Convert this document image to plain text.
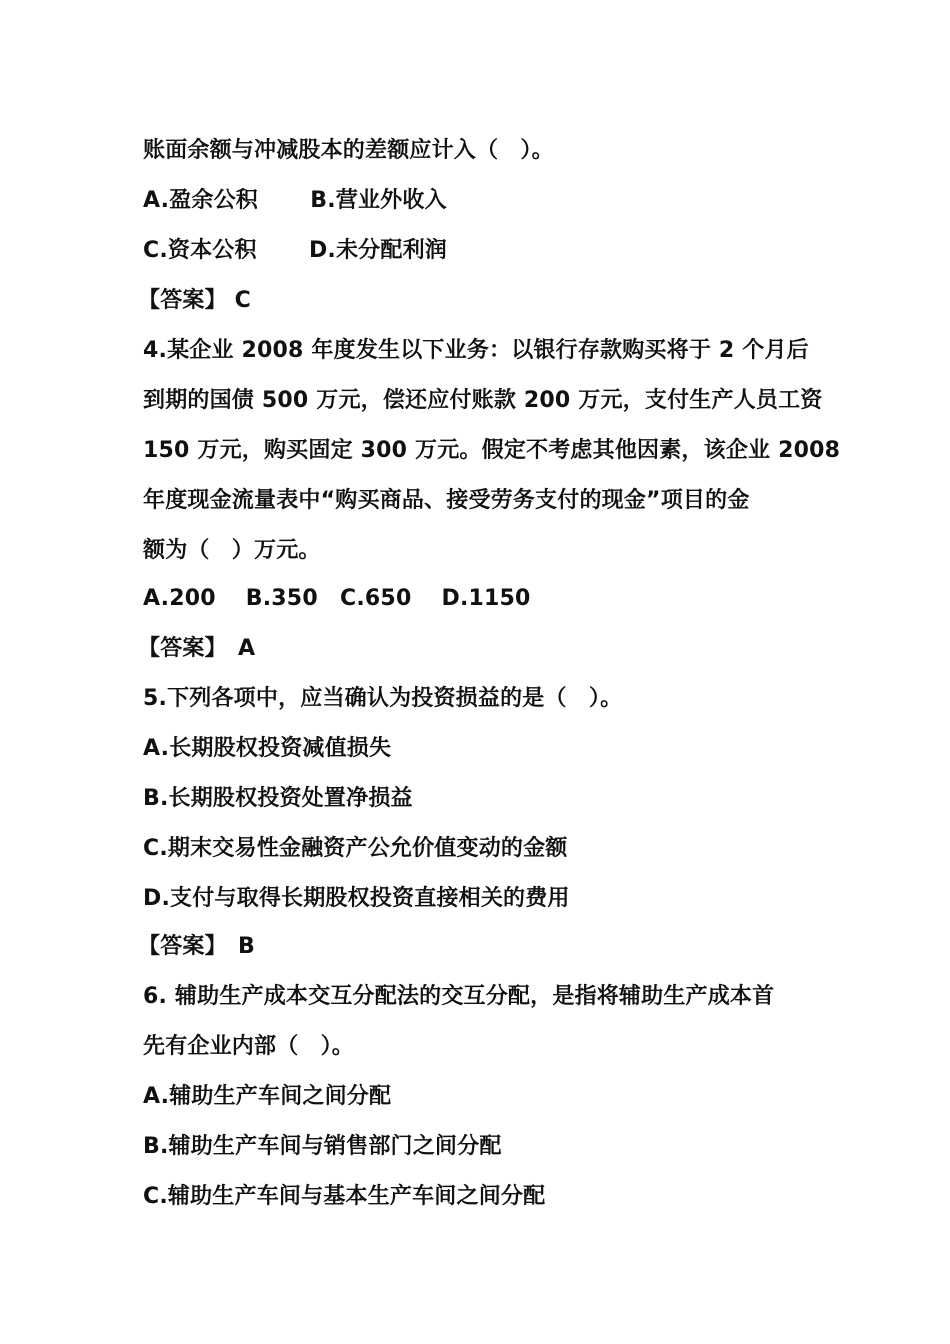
账面余额与冲减股本的差额应计入（　）。
A.盈余公积　　 B.营业外收入
C.资本公积　　 D.未分配利润
【答案】 C
4.某企业 2008 年度发生以下业务：以银行存款购买将于 2 个月后
到期的国债 500 万元，偿还应付账款 200 万元，支付生产人员工资
150 万元，购买固定 300 万元。假定不考虑其他因素，该企业 2008
年度现金流量表中“购买商品、接受劳务支付的现金”项目的金
额为（　）万元。
A.200　 B.350　C.650　 D.1150
【答案】　A
5.下列各项中，应当确认为投资损益的是（　）。
A.长期股权投资减值损失
B.长期股权投资处置净损益
C.期末交易性金融资产公允价值变动的金额
D.支付与取得长期股权投资直接相关的费用
【答案】　B
6. 辅助生产成本交互分配法的交互分配，是指将辅助生产成本首
先有企业内部（　）。
A.辅助生产车间之间分配
B.辅助生产车间与销售部门之间分配
C.辅助生产车间与基本生产车间之间分配
